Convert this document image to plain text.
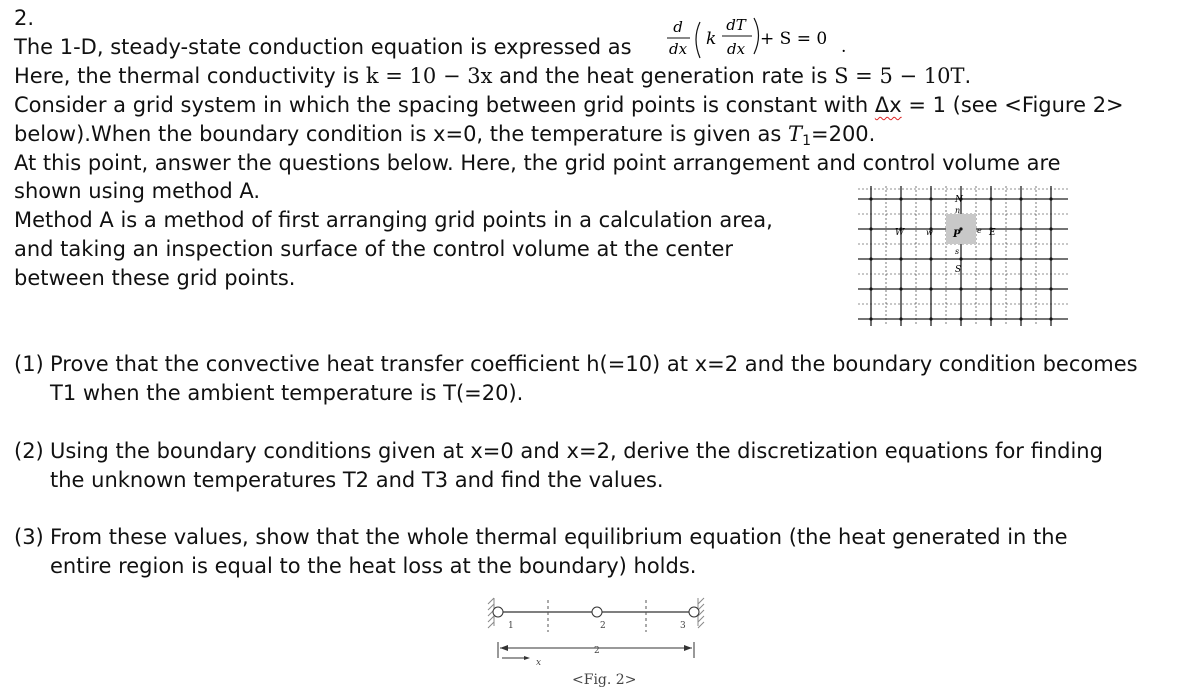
2.
The 1-D, steady-state conduction equation is expressed as
d
dx k
dT
dx + S = 0 .
Here, the thermal conductivity is k = 10 − 3x and the heat generation rate is S = 5 − 10T.
Consider a grid system in which the spacing between grid points is constant with Δx = 1 (see <Figure 2>
below).When the boundary condition is x=0, the temperature is given as $T_1=200$.
At this point, answer the questions below. Here, the grid point arrangement and control volume are
shown using method A.
Method A is a method of first arranging grid points in a calculation area,
and taking an inspection surface of the control volume at the center
between these grid points.
N
n
W	w P e E
s
S
(1) Prove that the convective heat transfer coefficient h(=10) at x=2 and the boundary condition becomes
T1 when the ambient temperature is T(=20).
(2) Using the boundary conditions given at x=0 and x=2, derive the discretization equations for finding
the unknown temperatures T2 and T3 and find the values.
(3) From these values, show that the whole thermal equilibrium equation (the heat generated in the
entire region is equal to the heat loss at the boundary) holds.
1	2	3
2
x
<Fig. 2>
